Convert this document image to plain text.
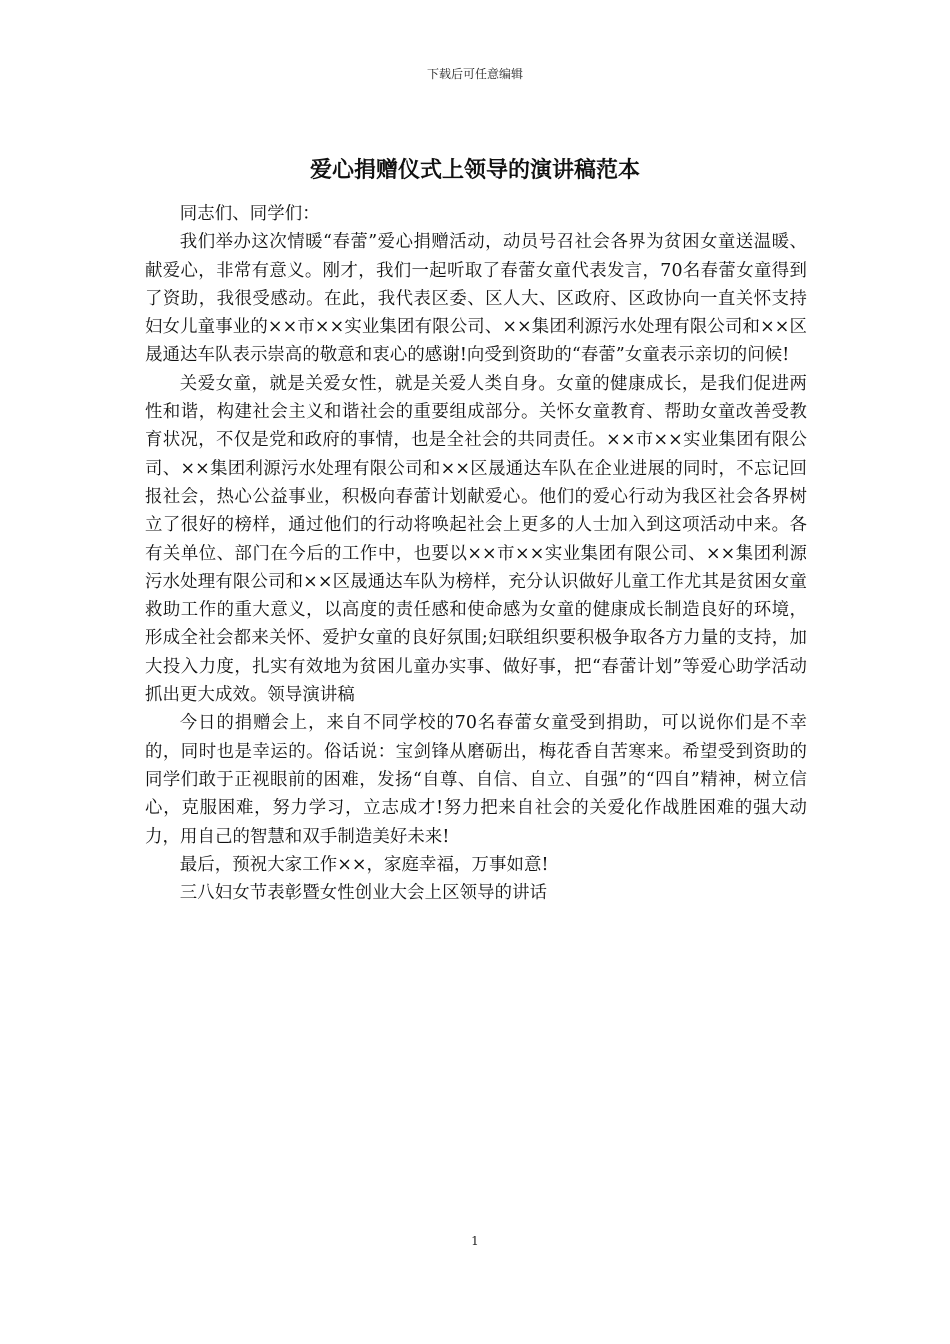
下载后可任意编辑
爱心捐赠仪式上领导的演讲稿范本

同志们、同学们：

我们举办这次情暖“春蕾”爱心捐赠活动，动员号召社会各界为贫困女童送温暖、献爱心，非常有意义。刚才，我们一起听取了春蕾女童代表发言，70名春蕾女童得到了资助，我很受感动。在此，我代表区委、区人大、区政府、区政协向一直关怀支持妇女儿童事业的××市××实业集团有限公司、××集团利源污水处理有限公司和××区晟通达车队表示崇高的敬意和衷心的感谢!向受到资助的“春蕾”女童表示亲切的问候!

关爱女童，就是关爱女性，就是关爱人类自身。女童的健康成长，是我们促进两性和谐，构建社会主义和谐社会的重要组成部分。关怀女童教育、帮助女童改善受教育状况，不仅是党和政府的事情，也是全社会的共同责任。××市××实业集团有限公司、××集团利源污水处理有限公司和××区晟通达车队在企业进展的同时，不忘记回报社会，热心公益事业，积极向春蕾计划献爱心。他们的爱心行动为我区社会各界树立了很好的榜样，通过他们的行动将唤起社会上更多的人士加入到这项活动中来。各有关单位、部门在今后的工作中，也要以××市××实业集团有限公司、××集团利源污水处理有限公司和××区晟通达车队为榜样，充分认识做好儿童工作尤其是贫困女童救助工作的重大意义，以高度的责任感和使命感为女童的健康成长制造良好的环境，形成全社会都来关怀、爱护女童的良好氛围;妇联组织要积极争取各方力量的支持，加大投入力度，扎实有效地为贫困儿童办实事、做好事，把“春蕾计划”等爱心助学活动抓出更大成效。领导演讲稿

今日的捐赠会上，来自不同学校的70名春蕾女童受到捐助，可以说你们是不幸的，同时也是幸运的。俗话说：宝剑锋从磨砺出，梅花香自苦寒来。希望受到资助的同学们敢于正视眼前的困难，发扬“自尊、自信、自立、自强”的“四自”精神，树立信心，克服困难，努力学习，立志成才!努力把来自社会的关爱化作战胜困难的强大动力，用自己的智慧和双手制造美好未来!

最后，预祝大家工作××，家庭幸福，万事如意!

三八妇女节表彰暨女性创业大会上区领导的讲话

1
